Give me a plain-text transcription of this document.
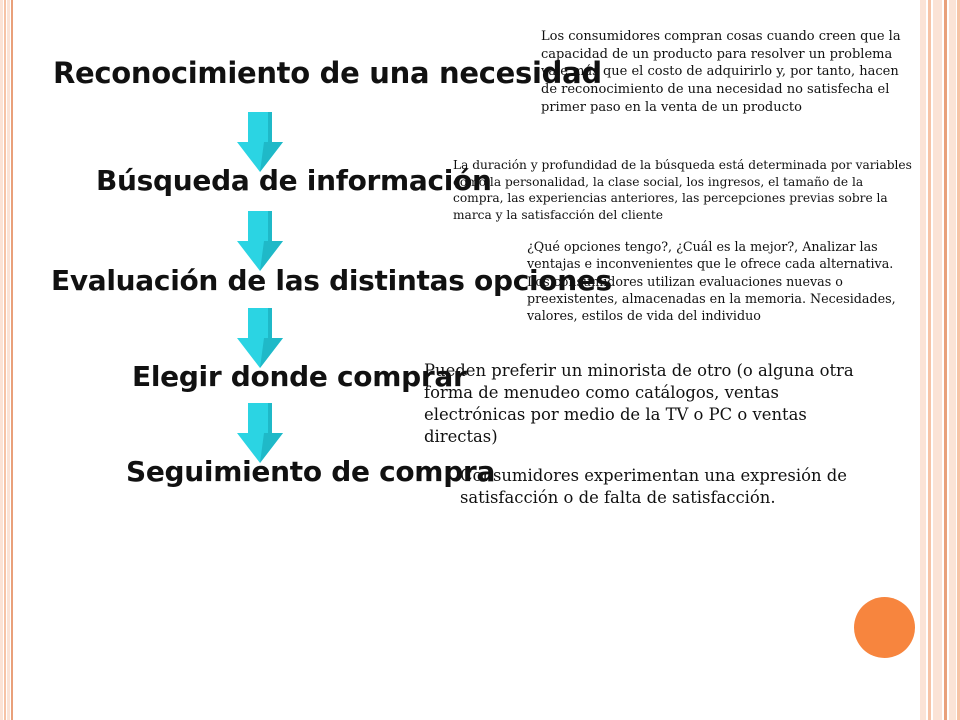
Reconocimiento de una necesidad
Búsqueda de información
Evaluación de las distintas opciones
Elegir donde comprar
Seguimiento de compra
Los consumidores compran cosas cuando creen que la capacidad de un producto para resolver un problema vale más que el costo de adquirirlo y, por tanto, hacen de reconocimiento de una necesidad no satisfecha el primer paso en la venta de un producto
La duración y profundidad de la búsqueda está determinada por variables como la personalidad, la clase social, los ingresos, el tamaño de la compra, las experiencias anteriores, las percepciones previas sobre la marca y la satisfacción del cliente
¿Qué opciones tengo?, ¿Cuál es la mejor?, Analizar las ventajas e inconvenientes que le ofrece cada alternativa.
Los consumidores utilizan evaluaciones nuevas o preexistentes, almacenadas en la memoria. Necesidades, valores, estilos de vida del individuo
Pueden preferir un minorista de otro (o alguna otra forma de menudeo como catálogos, ventas electrónicas por medio de la TV o PC o ventas directas)
Consumidores experimentan una expresión de satisfacción o de falta de satisfacción.
